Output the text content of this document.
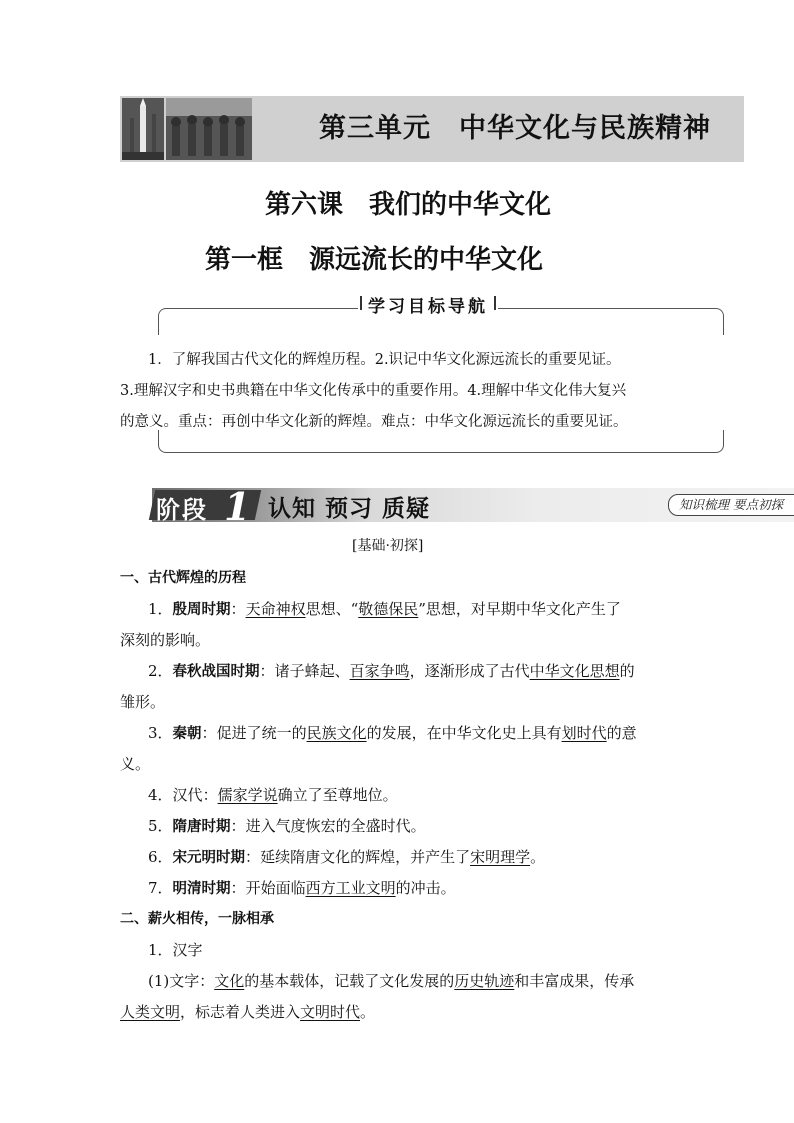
第三单元　中华文化与民族精神
第六课　我们的中华文化
第一框　源远流长的中华文化
学习目标导航
1．了解我国古代文化的辉煌历程。2.识记中华文化源远流长的重要见证。
3.理解汉字和史书典籍在中华文化传承中的重要作用。4.理解中华文化伟大复兴
的意义。重点：再创中华文化新的辉煌。难点：中华文化源远流长的重要见证。
阶段 1 认知 预习 质疑	知识梳理 要点初探
[基础·初探]
一、古代辉煌的历程
1．殷周时期：天命神权思想、“敬德保民”思想，对早期中华文化产生了
深刻的影响。
2．春秋战国时期：诸子蜂起、百家争鸣，逐渐形成了古代中华文化思想的
雏形。
3．秦朝：促进了统一的民族文化的发展，在中华文化史上具有划时代的意
义。
4．汉代：儒家学说确立了至尊地位。
5．隋唐时期：进入气度恢宏的全盛时代。
6．宋元明时期：延续隋唐文化的辉煌，并产生了宋明理学。
7．明清时期：开始面临西方工业文明的冲击。
二、薪火相传，一脉相承
1．汉字
(1)文字：文化的基本载体，记载了文化发展的历史轨迹和丰富成果，传承
人类文明，标志着人类进入文明时代。
